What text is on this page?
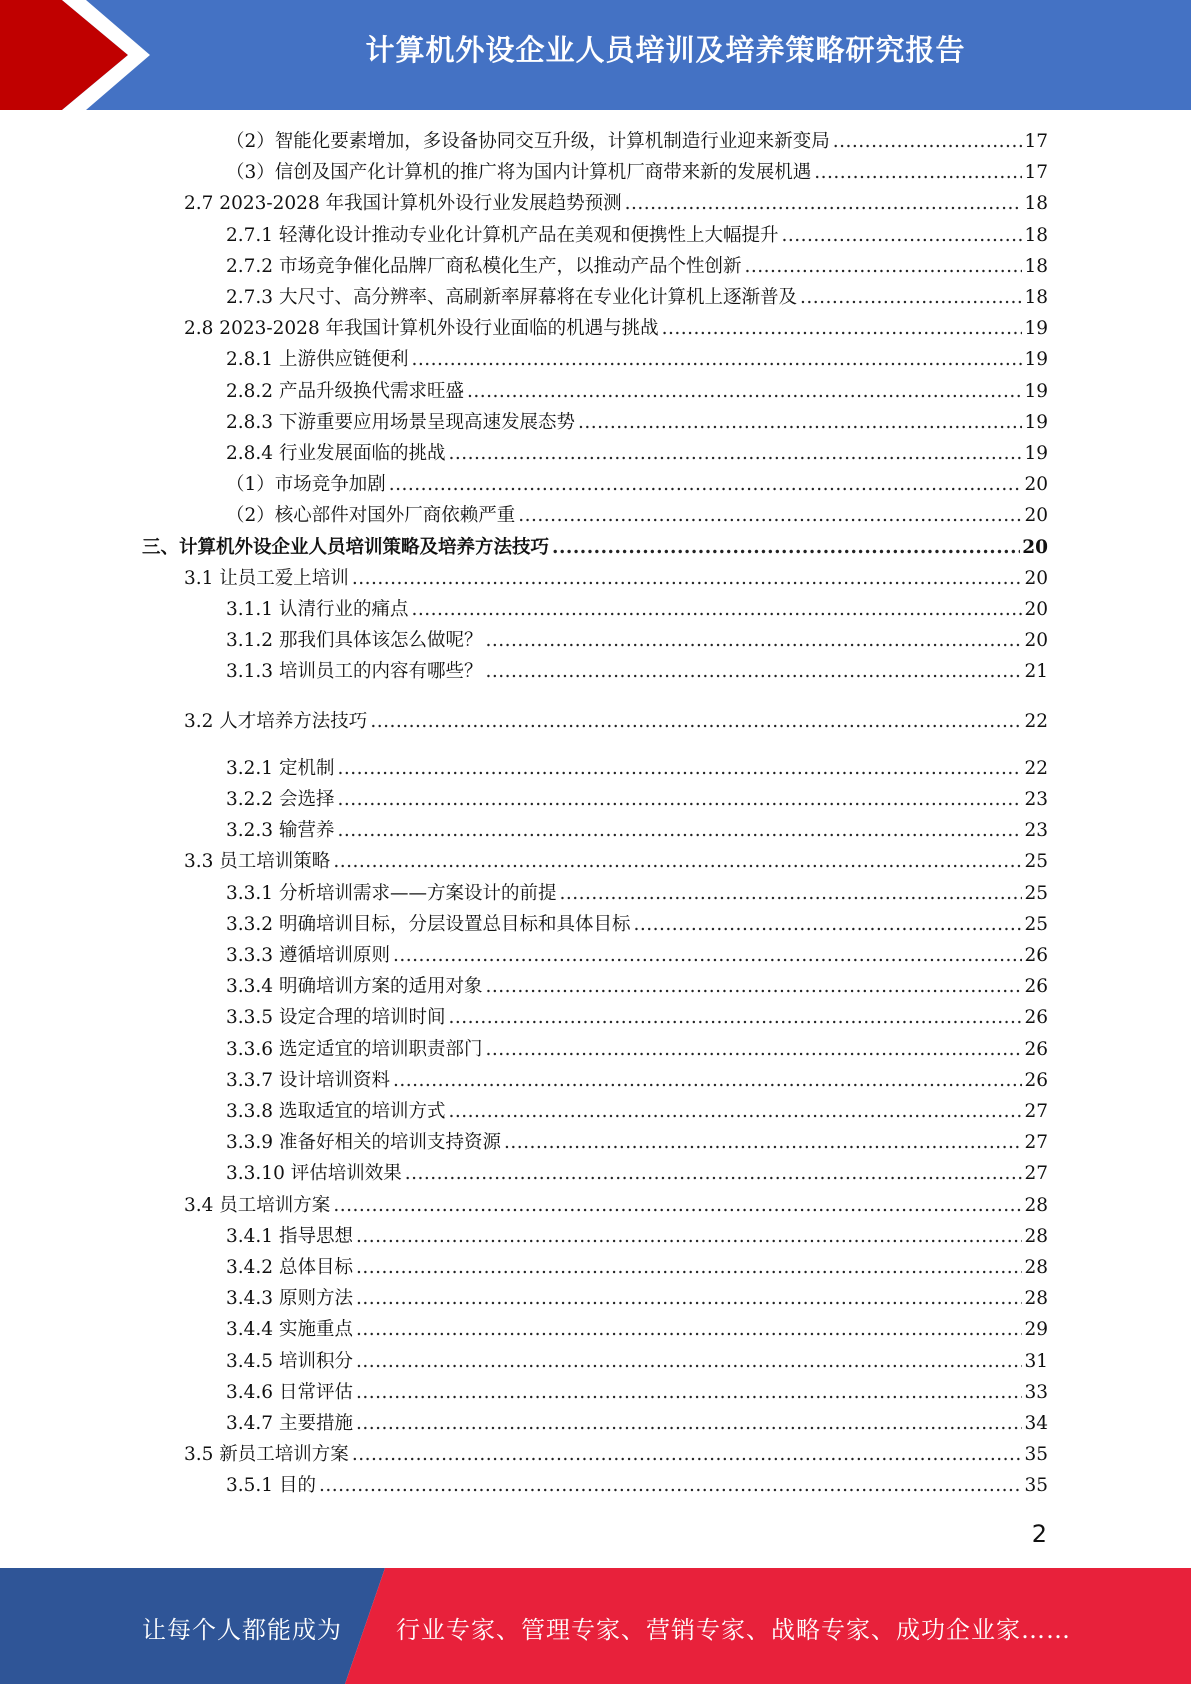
计算机外设企业人员培训及培养策略研究报告
（2）智能化要素增加，多设备协同交互升级，计算机制造行业迎来新变局 .....	17
（3）信创及国产化计算机的推广将为国内计算机厂商带来新的发展机遇 .....	17
2.7 2023-2028 年我国计算机外设行业发展趋势预测 .....	18
2.7.1 轻薄化设计推动专业化计算机产品在美观和便携性上大幅提升 .....	18
2.7.2 市场竞争催化品牌厂商私模化生产，以推动产品个性创新 .....	18
2.7.3 大尺寸、高分辨率、高刷新率屏幕将在专业化计算机上逐渐普及 .....	18
2.8 2023-2028 年我国计算机外设行业面临的机遇与挑战 .....	19
2.8.1 上游供应链便利 .....	19
2.8.2 产品升级换代需求旺盛 .....	19
2.8.3 下游重要应用场景呈现高速发展态势 .....	19
2.8.4 行业发展面临的挑战 .....	19
（1）市场竞争加剧 .....	20
（2）核心部件对国外厂商依赖严重 .....	20
三、计算机外设企业人员培训策略及培养方法技巧 .....	20
3.1 让员工爱上培训 .....	20
3.1.1 认清行业的痛点 .....	20
3.1.2 那我们具体该怎么做呢？ .....	20
3.1.3 培训员工的内容有哪些？ .....	21
3.2 人才培养方法技巧 .....	22
3.2.1 定机制 .....	22
3.2.2 会选择 .....	23
3.2.3 输营养 .....	23
3.3 员工培训策略 .....	25
3.3.1 分析培训需求——方案设计的前提 .....	25
3.3.2 明确培训目标，分层设置总目标和具体目标 .....	25
3.3.3 遵循培训原则 .....	26
3.3.4 明确培训方案的适用对象 .....	26
3.3.5 设定合理的培训时间 .....	26
3.3.6 选定适宜的培训职责部门 .....	26
3.3.7 设计培训资料 .....	26
3.3.8 选取适宜的培训方式 .....	27
3.3.9 准备好相关的培训支持资源 .....	27
3.3.10 评估培训效果 .....	27
3.4 员工培训方案 .....	28
3.4.1 指导思想 .....	28
3.4.2 总体目标 .....	28
3.4.3 原则方法 .....	28
3.4.4 实施重点 .....	29
3.4.5 培训积分 .....	31
3.4.6 日常评估 .....	33
3.4.7 主要措施 .....	34
3.5 新员工培训方案 .....	35
3.5.1 目的 .....	35
2
让每个人都能成为 行业专家、管理专家、营销专家、战略专家、成功企业家……
